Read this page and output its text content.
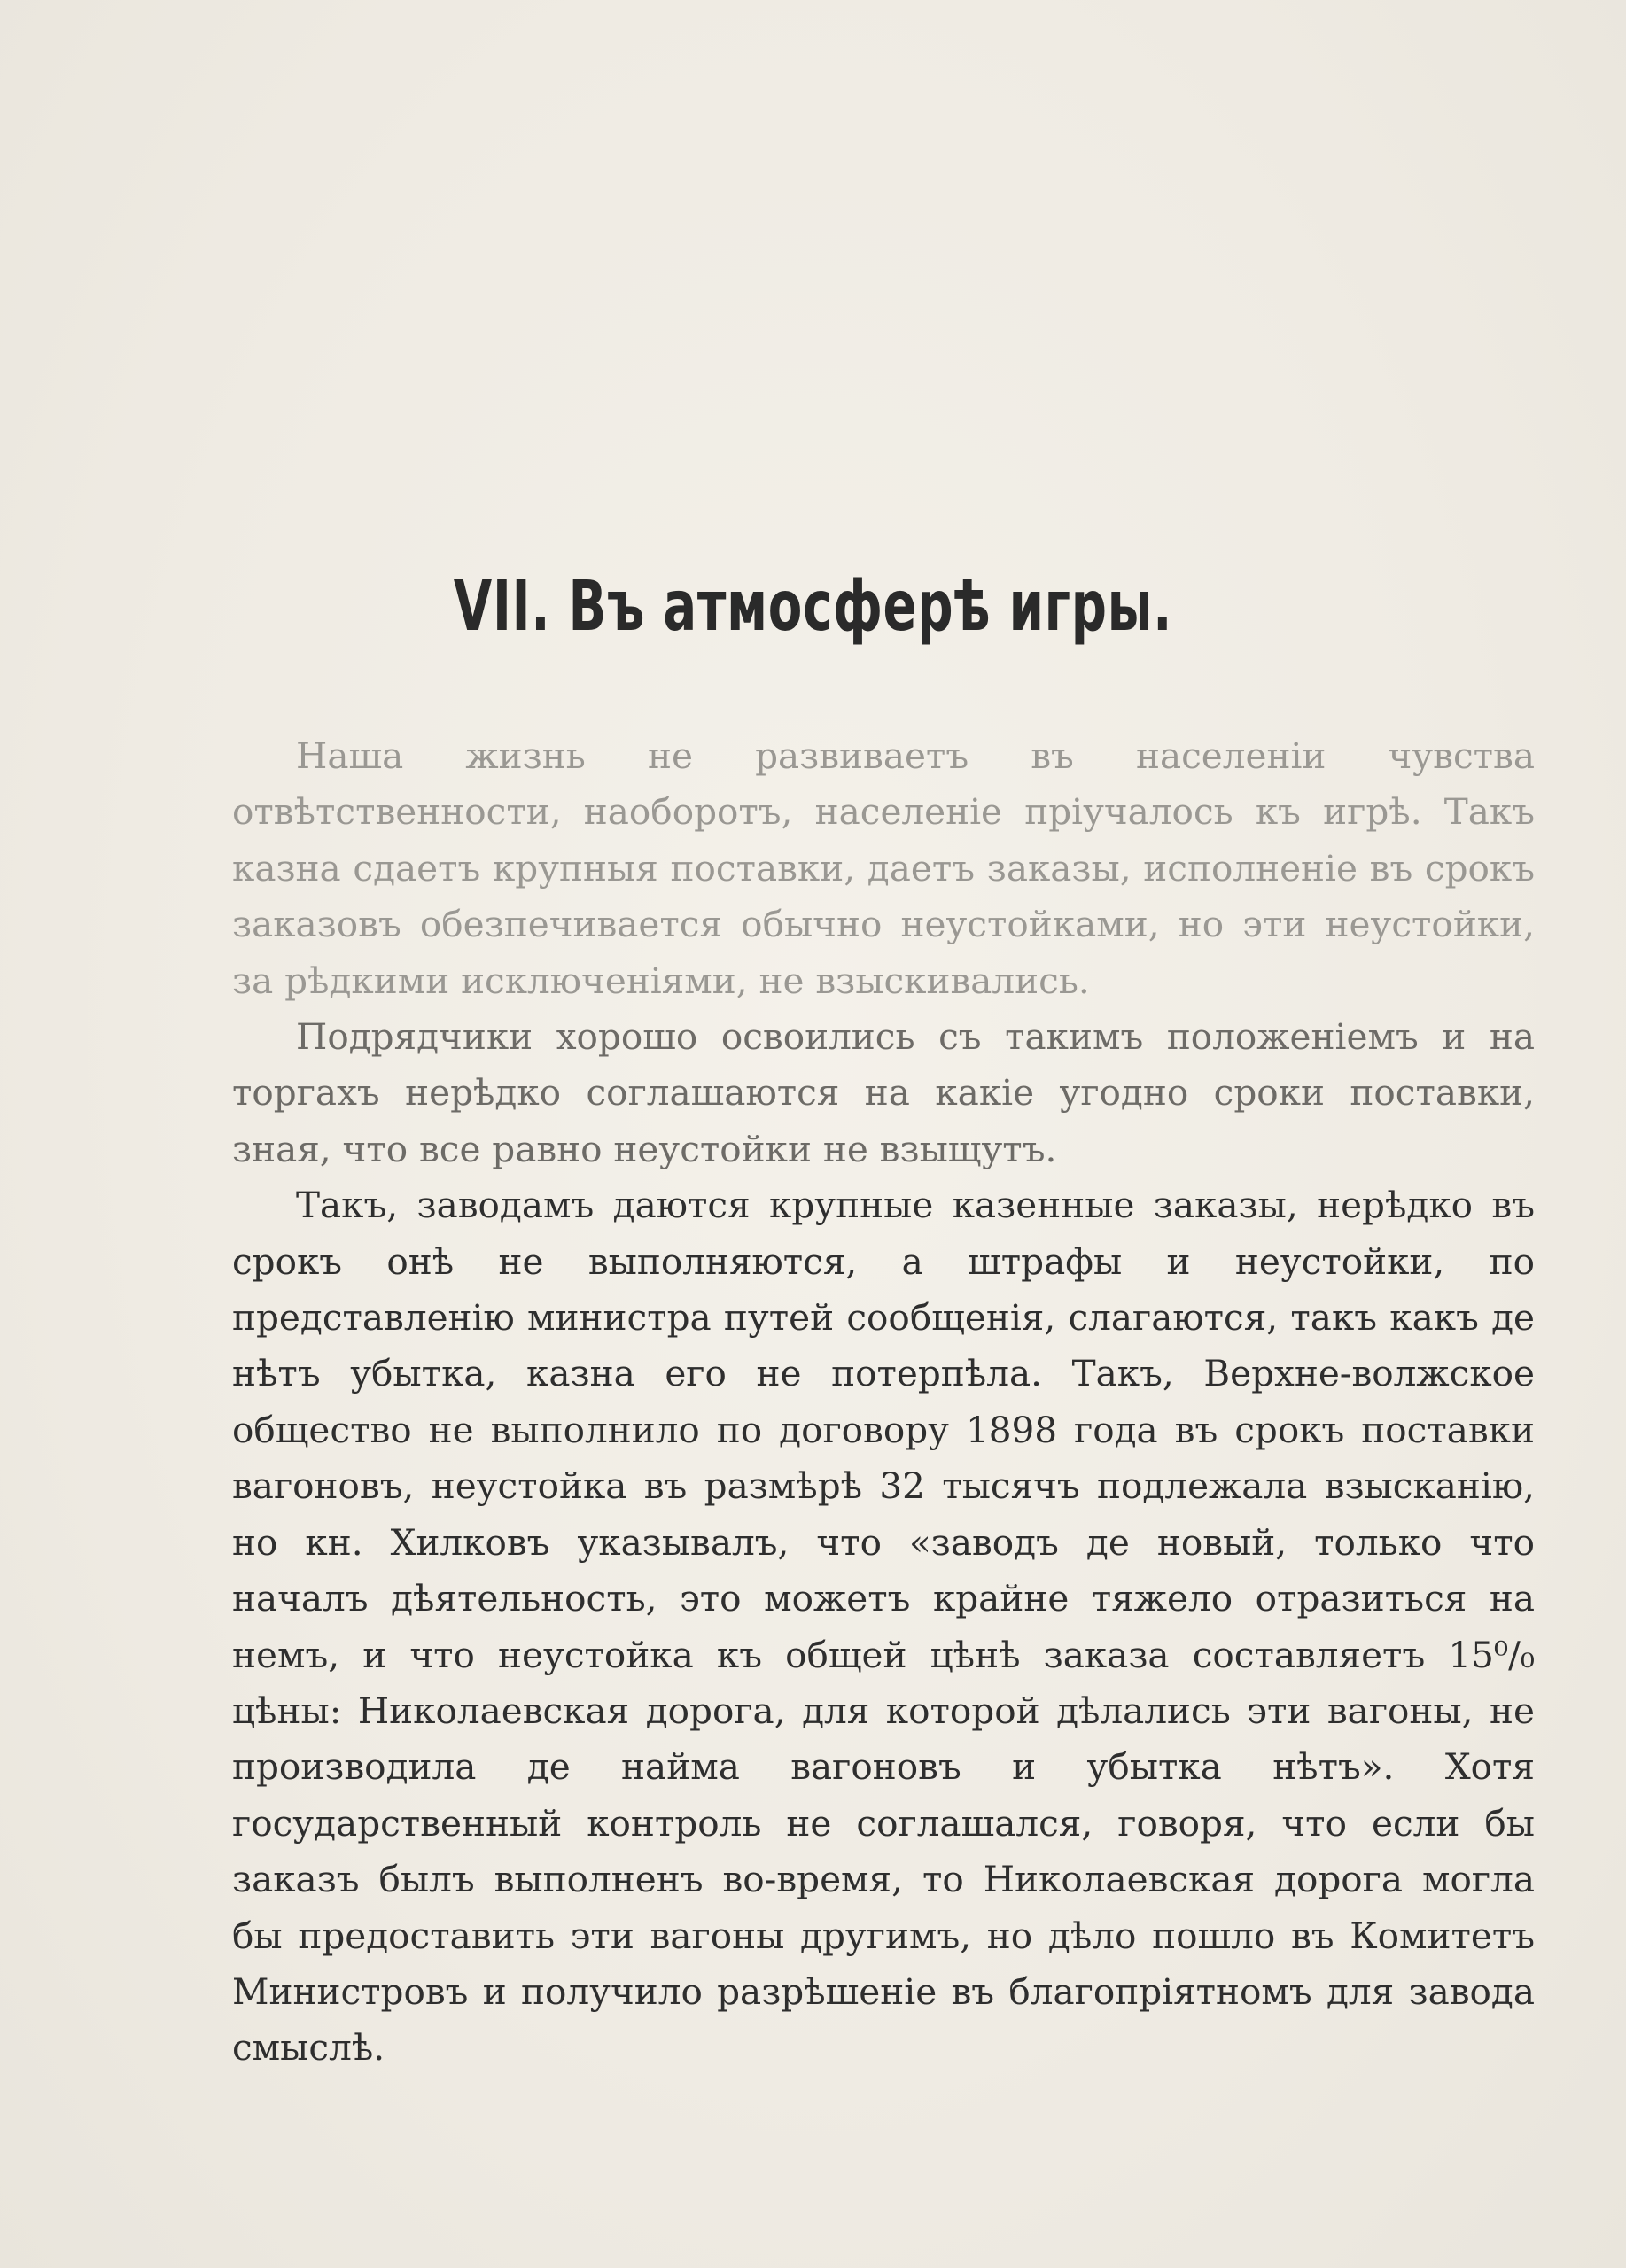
VII. Въ атмосферѣ игры.

Наша жизнь не развиваетъ въ населенiи чувства отвѣтственности, наоборотъ, населенiе прiучалось къ игрѣ. Такъ казна сдаетъ крупныя поставки, даетъ заказы, исполненiе въ срокъ заказовъ обезпечивается обычно неустойками, но эти неустойки, за рѣдкими исключенiями, не взыскивались.

Подрядчики хорошо освоились съ такимъ положенiемъ и на торгахъ нерѣдко соглашаются на какiе угодно сроки поставки, зная, что все равно неустойки не взыщутъ.

Такъ, заводамъ даются крупные казенные заказы, нерѣдко въ срокъ онѣ не выполняются, а штрафы и неустойки, по представленiю министра путей сообщенiя, слагаются, такъ какъ де нѣтъ убытка, казна его не потерпѣла. Такъ, Верхне-волжское общество не выполнило по договору 1898 года въ срокъ поставки вагоновъ, неустойка въ размѣрѣ 32 тысячъ подлежала взысканiю, но кн. Хилковъ указывалъ, что «заводъ де новый, только что началъ дѣятельность, это можетъ крайне тяжело отразиться на немъ, и что неустойка къ общей цѣнѣ заказа составляетъ 15⁰/₀ цѣны: Николаевская дорога, для которой дѣлались эти вагоны, не производила де найма вагоновъ и убытка нѣтъ». Хотя государственный контроль не соглашался, говоря, что если бы заказъ былъ выполненъ во-время, то Николаевская дорога могла бы предоставить эти вагоны другимъ, но дѣло пошло въ Комитетъ Министровъ и получило разрѣшенiе въ благопрiятномъ для завода смыслѣ.
